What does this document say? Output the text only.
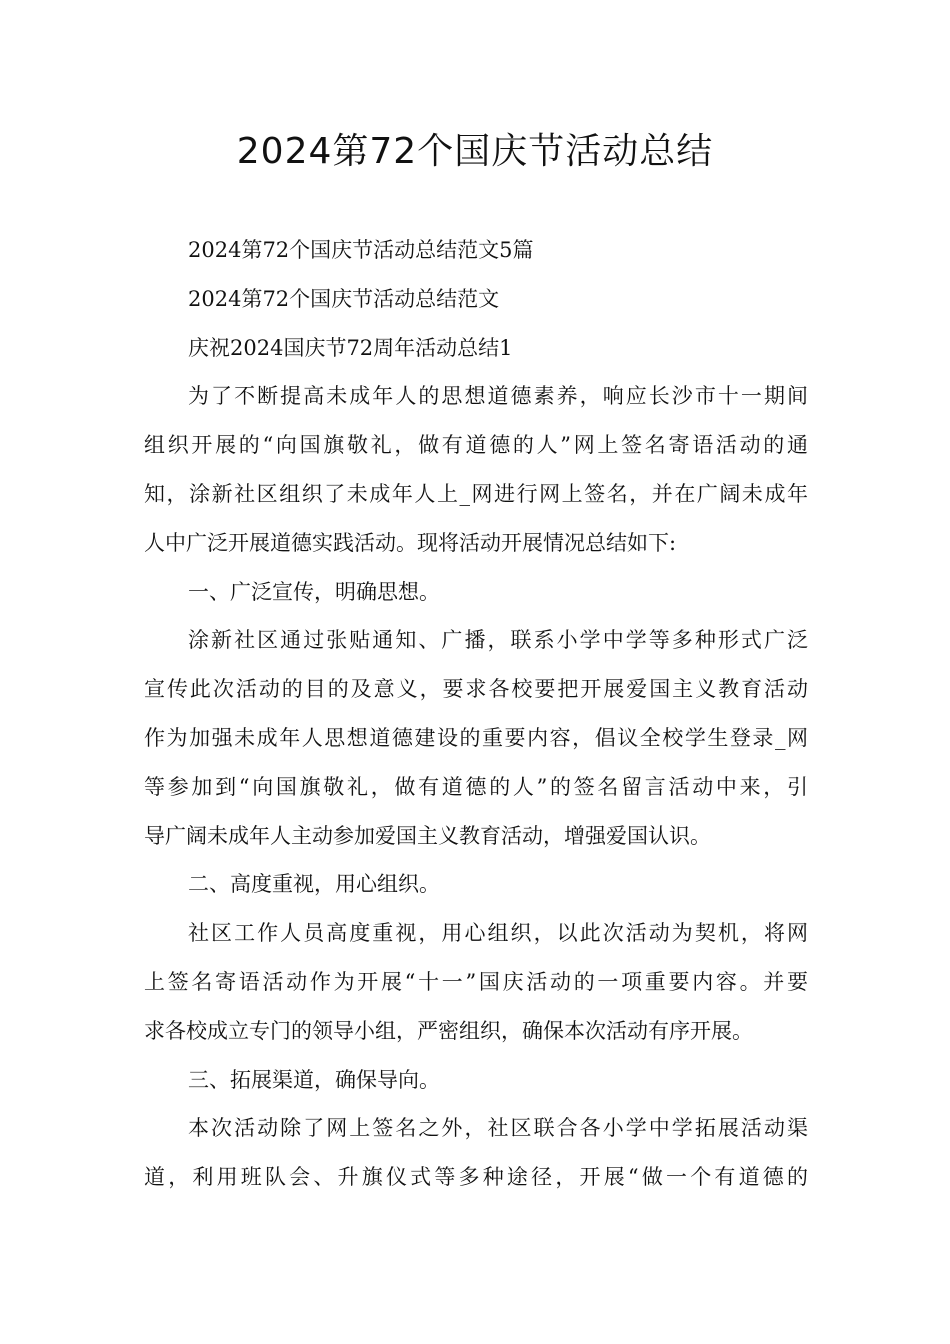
2024第72个国庆节活动总结

2024第72个国庆节活动总结范文5篇

2024第72个国庆节活动总结范文

庆祝2024国庆节72周年活动总结1

为了不断提高未成年人的思想道德素养，响应长沙市十一期间

组织开展的“向国旗敬礼，做有道德的人”网上签名寄语活动的通

知，涂新社区组织了未成年人上_网进行网上签名，并在广阔未成年

人中广泛开展道德实践活动。现将活动开展情况总结如下:

一、广泛宣传，明确思想。

涂新社区通过张贴通知、广播，联系小学中学等多种形式广泛

宣传此次活动的目的及意义，要求各校要把开展爱国主义教育活动

作为加强未成年人思想道德建设的重要内容，倡议全校学生登录_网

等参加到“向国旗敬礼，做有道德的人”的签名留言活动中来，引

导广阔未成年人主动参加爱国主义教育活动，增强爱国认识。

二、高度重视，用心组织。

社区工作人员高度重视，用心组织，以此次活动为契机，将网

上签名寄语活动作为开展“十一”国庆活动的一项重要内容。并要

求各校成立专门的领导小组，严密组织，确保本次活动有序开展。

三、拓展渠道，确保导向。

本次活动除了网上签名之外，社区联合各小学中学拓展活动渠

道，利用班队会、升旗仪式等多种途径，开展“做一个有道德的
